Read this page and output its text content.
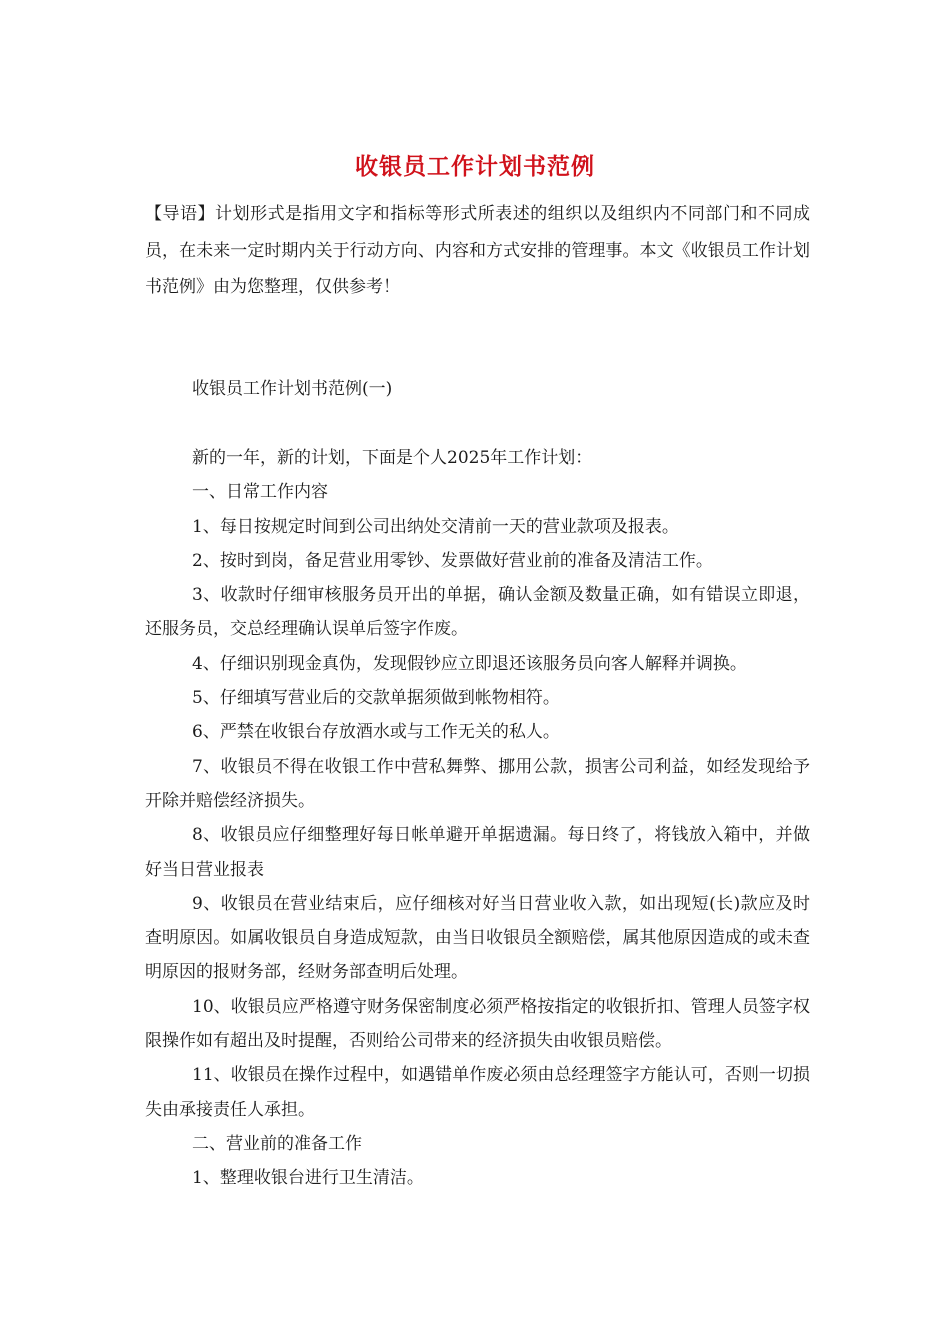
收银员工作计划书范例
【导语】计划形式是指用文字和指标等形式所表述的组织以及组织内不同部门和不同成员，在未来一定时期内关于行动方向、内容和方式安排的管理事。本文《收银员工作计划书范例》由为您整理，仅供参考！
收银员工作计划书范例(一)

新的一年，新的计划，下面是个人2025年工作计划：

一、日常工作内容

1、每日按规定时间到公司出纳处交清前一天的营业款项及报表。

2、按时到岗，备足营业用零钞、发票做好营业前的准备及清洁工作。

3、收款时仔细审核服务员开出的单据，确认金额及数量正确，如有错误立即退，还服务员，交总经理确认误单后签字作废。

4、仔细识别现金真伪，发现假钞应立即退还该服务员向客人解释并调换。

5、仔细填写营业后的交款单据须做到帐物相符。

6、严禁在收银台存放酒水或与工作无关的私人。

7、收银员不得在收银工作中营私舞弊、挪用公款，损害公司利益，如经发现给予开除并赔偿经济损失。

8、收银员应仔细整理好每日帐单避开单据遗漏。每日终了，将钱放入箱中，并做好当日营业报表

9、收银员在营业结束后，应仔细核对好当日营业收入款，如出现短(长)款应及时查明原因。如属收银员自身造成短款，由当日收银员全额赔偿，属其他原因造成的或未查明原因的报财务部，经财务部查明后处理。

10、收银员应严格遵守财务保密制度必须严格按指定的收银折扣、管理人员签字权限操作如有超出及时提醒，否则给公司带来的经济损失由收银员赔偿。

11、收银员在操作过程中，如遇错单作废必须由总经理签字方能认可，否则一切损失由承接责任人承担。

二、营业前的准备工作

1、整理收银台进行卫生清洁。
